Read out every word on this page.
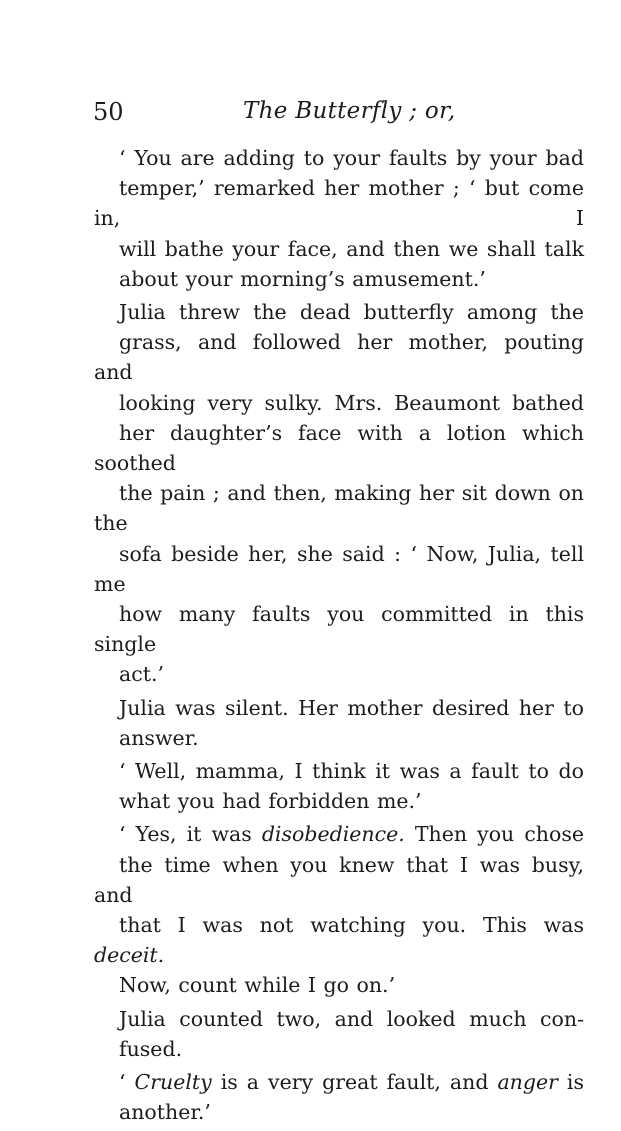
50	The Butterfly ; or,

‘ You are adding to your faults by your bad
temper,’ remarked her mother ; ‘ but come in, I
will bathe your face, and then we shall talk
about your morning’s amusement.’

Julia threw the dead butterfly among the
grass, and followed her mother, pouting and
looking very sulky. Mrs. Beaumont bathed
her daughter’s face with a lotion which soothed
the pain ; and then, making her sit down on the
sofa beside her, she said : ‘ Now, Julia, tell me
how many faults you committed in this single
act.’

Julia was silent. Her mother desired her to
answer.

‘ Well, mamma, I think it was a fault to do
what you had forbidden me.’

‘ Yes, it was disobedience. Then you chose
the time when you knew that I was busy, and
that I was not watching you. This was deceit.
Now, count while I go on.’

Julia counted two, and looked much con-
fused.

‘ Cruelty is a very great fault, and anger is
another.’
